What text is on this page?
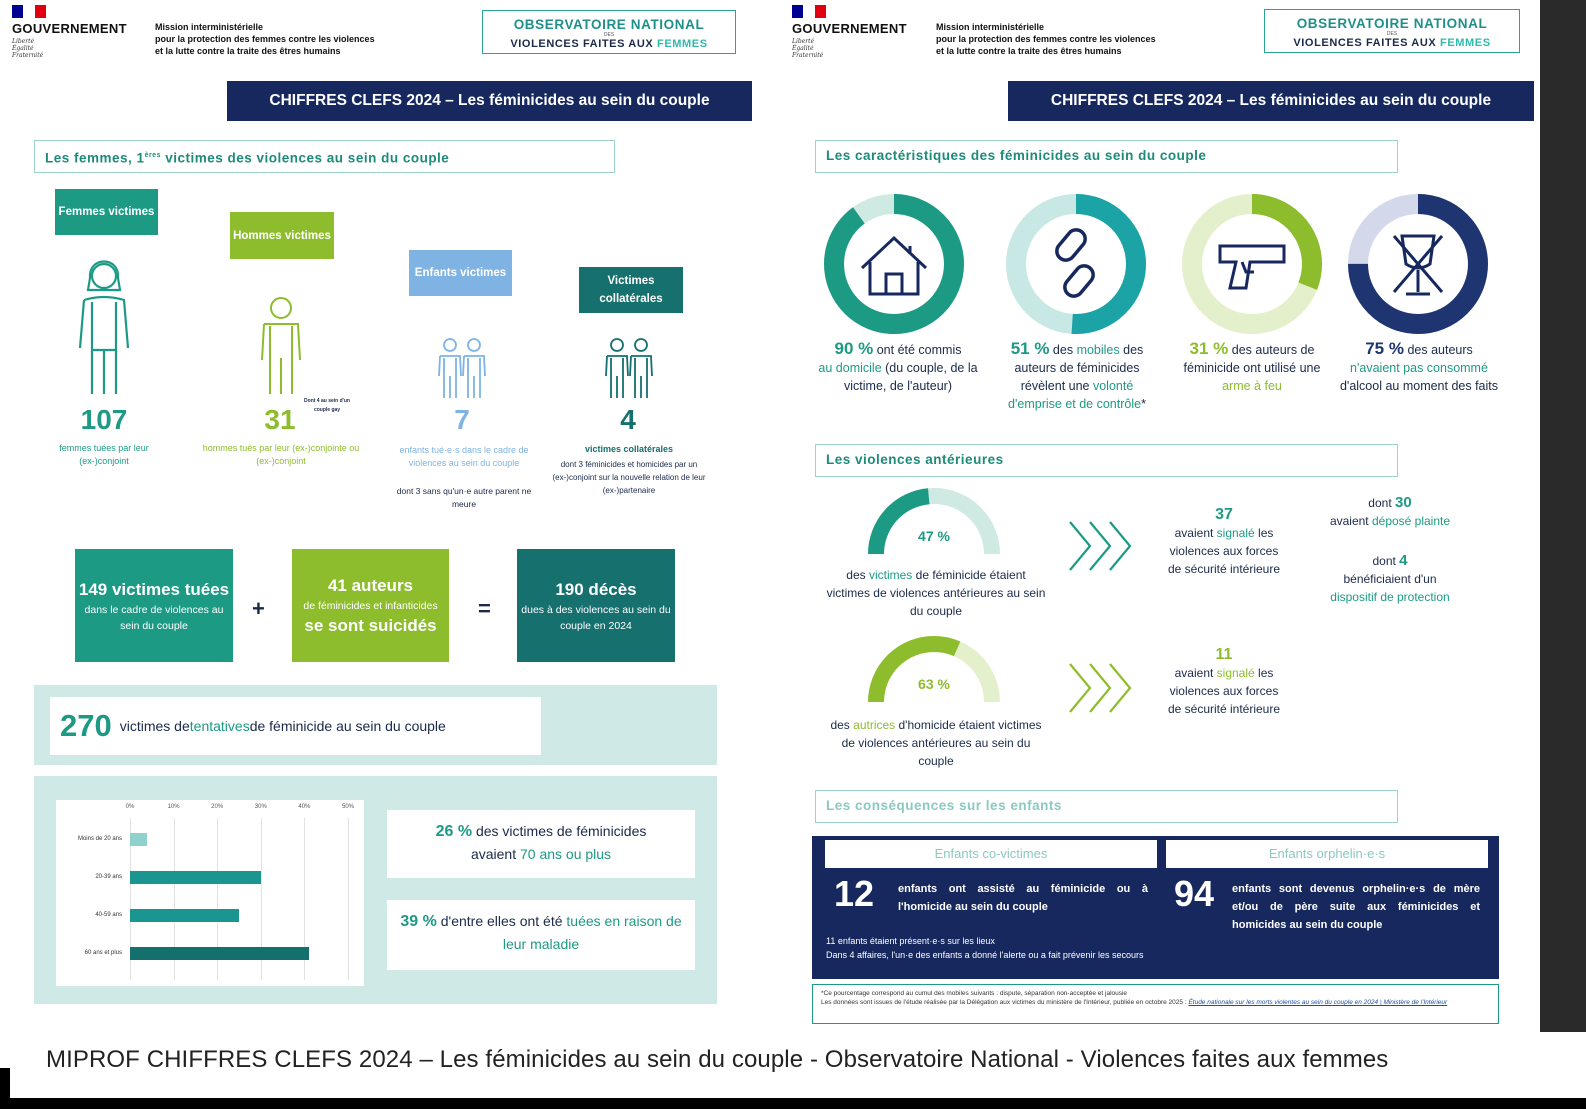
GOUVERNEMENT
Liberté
Égalité
Fraternité
Mission interministérielle
pour la protection des femmes contre les violences
et la lutte contre la traite des êtres humains
OBSERVATOIRE NATIONAL
DES
VIOLENCES FAITES AUX FEMMES
CHIFFRES CLEFS 2024 – Les féminicides au sein du couple
Les femmes, 1ères victimes des violences au sein du couple
Femmes victimes
107
femmes tuées par leur (ex-)conjoint
Hommes victimes
31
Dont 4 au sein d'un couple gay
hommes tués par leur (ex-)conjointe ou (ex-)conjoint
Enfants victimes
7
enfants tué·e·s dans le cadre de violences au sein du couple
dont 3 sans qu'un·e autre parent ne meure
Victimes collatérales
4
victimes collatérales
dont 3 féminicides et homicides par un (ex-)conjoint sur la nouvelle relation de leur (ex-)partenaire
149 victimes tuées
dans le cadre de violences au sein du couple
+
41 auteurs
de féminicides et infanticides
se sont suicidés
=
190 décès
dues à des violences au sein du couple en 2024
270 victimes de tentatives de féminicide au sein du couple
0%	10%	20%	30%	40%	50%
Moins de 20 ans
20-39 ans
40-59 ans
60 ans et plus
26 % des victimes de féminicides
avaient 70 ans ou plus
39 % d'entre elles ont été tuées en raison de leur maladie
GOUVERNEMENT
Liberté
Égalité
Fraternité
Mission interministérielle
pour la protection des femmes contre les violences
et la lutte contre la traite des êtres humains
OBSERVATOIRE NATIONAL
DES
VIOLENCES FAITES AUX FEMMES
CHIFFRES CLEFS 2024 – Les féminicides au sein du couple
Les caractéristiques des féminicides au sein du couple
90 % ont été commis
au domicile (du couple, de la victime, de l'auteur)
51 % des mobiles des auteurs de féminicides révèlent une volonté d'emprise et de contrôle*
31 % des auteurs de féminicide ont utilisé une arme à feu
75 % des auteurs
n'avaient pas consommé d'alcool au moment des faits
Les violences antérieures
47 %
des victimes de féminicide étaient victimes de violences antérieures au sein du couple
37
avaient signalé les violences aux forces de sécurité intérieure
dont 30
avaient déposé plainte
dont 4
bénéficiaient d'un
dispositif de protection
63 %
des autrices d'homicide étaient victimes de violences antérieures au sein du couple
11
avaient signalé les violences aux forces de sécurité intérieure
Les conséquences sur les enfants
Enfants co-victimes	Enfants orphelin·e·s
12 enfants ont assisté au féminicide ou à l'homicide au sein du couple
11 enfants étaient présent·e·s sur les lieux
Dans 4 affaires, l'un·e des enfants a donné l'alerte ou a fait prévenir les secours
94 enfants sont devenus orphelin·e·s de mère et/ou de père suite aux féminicides et homicides au sein du couple
*Ce pourcentage correspond au cumul des mobiles suivants : dispute, séparation non-acceptée et jalousie
Les données sont issues de l'étude réalisée par la Délégation aux victimes du ministère de l'Intérieur, publiée en octobre 2025 : Étude nationale sur les morts violentes au sein du couple en 2024 | Ministère de l'Intérieur
MIPROF CHIFFRES CLEFS 2024 – Les féminicides au sein du couple - Observatoire National - Violences faites aux femmes
